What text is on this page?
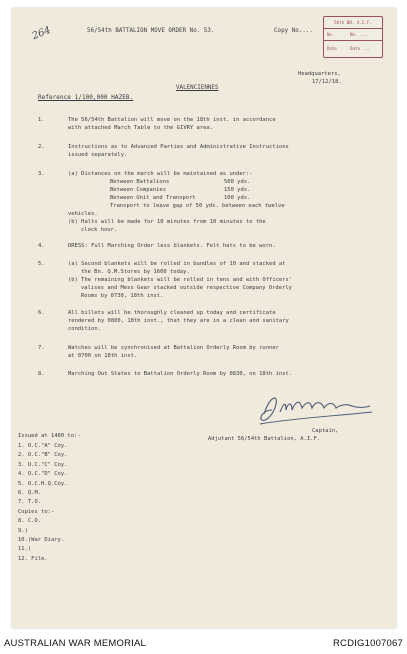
264	56/54th BATTALION MOVE ORDER No. 53.	Copy No....
56th BN. A.I.F.
No.	No. ...
Date	Date ...
Headquarters,
17/12/18.
VALENCIENNES
Reference 1/100,000 HAZEB.
1.	The 56/54th Battalion will move on the 18th inst. in accordance
with attached March Table to the GIVRY area.
2.	Instructions as to Advanced Parties and Administrative Instructions
issued separately.
3.	(a) Distances on the march will be maintained as under:-
Between Battalions	500 yds.
Between Companies	150 yds.
Between Unit and Transport	100 yds.
Transport to leave gap of 50 yds. between each twelve
vehicles.
(b) Halts will be made for 10 minutes from 10 minutes to the
clock hour.
4.	DRESS: Full Marching Order less blankets. Felt hats to be worn.
5.	(a) Second blankets will be rolled in bundles of 10 and stacked at
the Bn. Q.M.Stores by 1600 today.
(b) The remaining blankets will be rolled in tens and with Officers'
valises and Mess Gear stacked outside respective Company Orderly
Rooms by 0730, 18th inst.
6.	All billets will be thoroughly cleaned up today and certificate
rendered by 0800, 18th inst., that they are in a clean and sanitary
condition.
7.	Watches will be synchronised at Battalion Orderly Room by runner
at 0700 on 18th inst.
8.	Marching Out States to Battalion Orderly Room by 0830, on 18th inst.
Captain,
Adjutant 56/54th Battalion, A.I.F.
Issued at 1400 to:-
1. O.C."A" Coy.
2. O.C."B" Coy.
3. O.C."C" Coy.
4. O.C."D" Coy.
5. O.C.H.Q.Coy.
6. Q.M.
7. T.O.
Copies to:-
8. C.O.
9.)
10.)War Diary.
11.)
12. File.
AUSTRALIAN WAR MEMORIAL	RCDIG1007067
